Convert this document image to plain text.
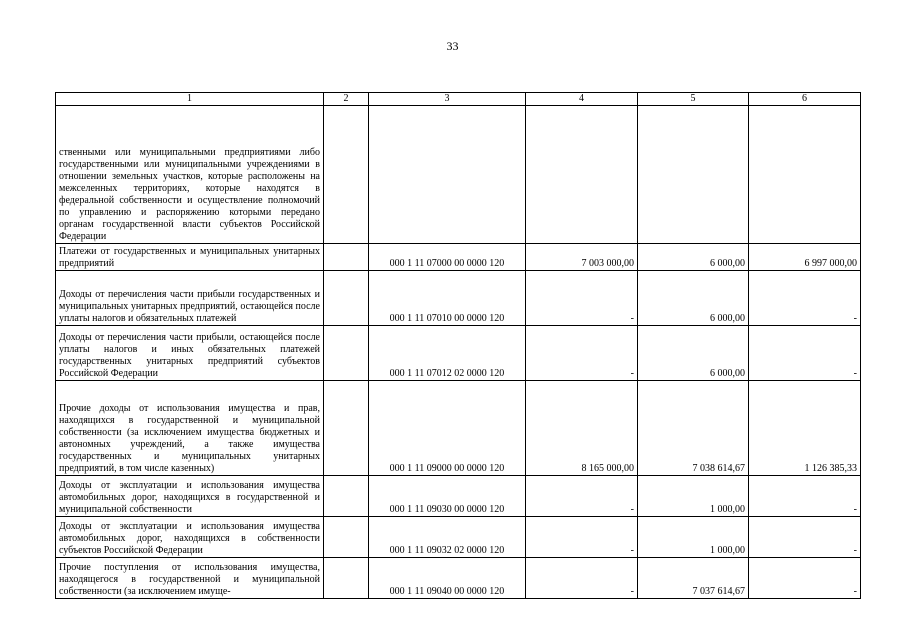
33
1	2	3	4	5	6
ственными или муниципальными предприятиями либо государственными или муниципальными учреждениями в отношении земельных участков, которые расположены на межселенных территориях, которые находятся в федеральной собственности и осуществление полномочий по управлению и распоряжению которыми передано органам государственной власти субъектов Российской Федерации					
Платежи от государственных и муниципальных унитарных предприятий		000 1 11 07000 00 0000 120	7 003 000,00	6 000,00	6 997 000,00
Доходы от перечисления части прибыли государственных и муниципальных унитарных предприятий, остающейся после уплаты налогов и обязательных платежей		000 1 11 07010 00 0000 120	-	6 000,00	-
Доходы от перечисления части прибыли, остающейся после уплаты налогов и иных обязательных платежей государственных унитарных предприятий субъектов Российской Федерации		000 1 11 07012 02 0000 120	-	6 000,00	-
Прочие доходы от использования имущества и прав, находящихся в государственной и муниципальной собственности (за исключением имущества бюджетных и автономных учреждений, а также имущества государственных и муниципальных унитарных предприятий, в том числе казенных)		000 1 11 09000 00 0000 120	8 165 000,00	7 038 614,67	1 126 385,33
Доходы от эксплуатации и использования имущества автомобильных дорог, находящихся в государственной и муниципальной собственности		000 1 11 09030 00 0000 120	-	1 000,00	-
Доходы от эксплуатации и использования имущества автомобильных дорог, находящихся в собственности субъектов Российской Федерации		000 1 11 09032 02 0000 120	-	1 000,00	-
Прочие поступления от использования имущества, находящегося в государственной и муниципальной собственности (за исключением имуще-		000 1 11 09040 00 0000 120	-	7 037 614,67	-
